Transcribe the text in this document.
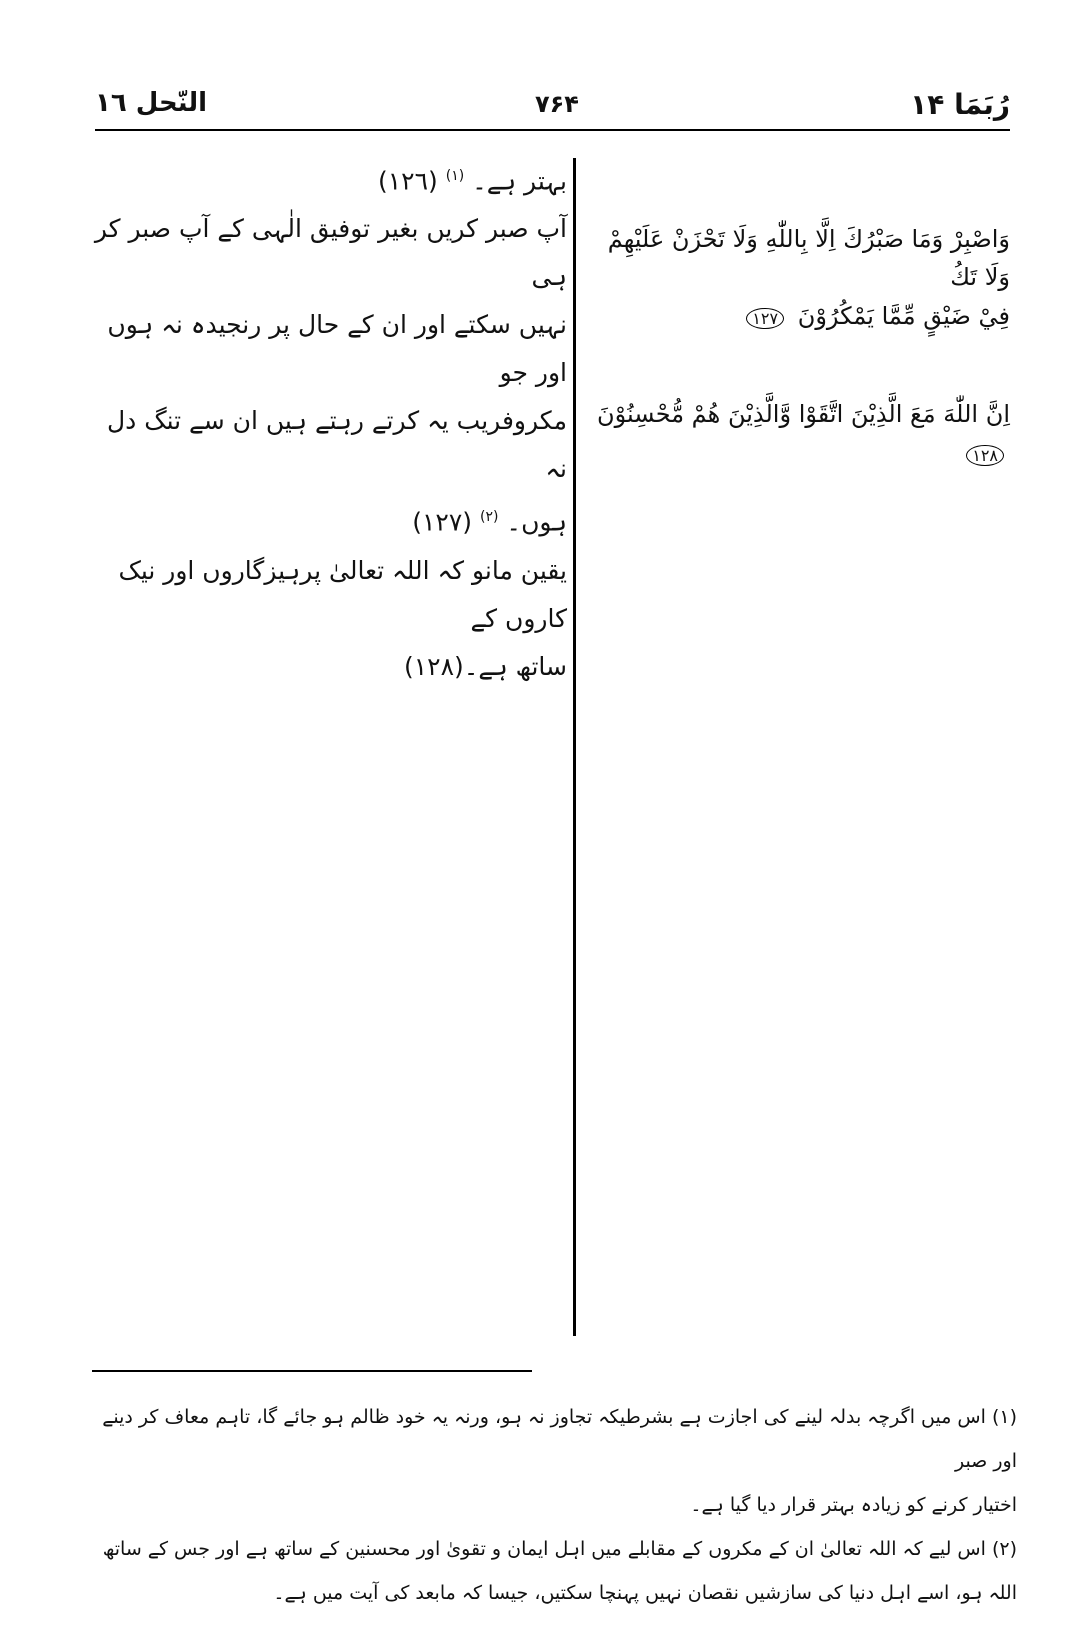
رُبَمَا ١۴
۷۶۴
النّحل ١٦
وَاصْبِرْ وَمَا صَبْرُكَ اِلَّا بِاللّٰهِ وَلَا تَحْزَنْ عَلَيْهِمْ وَلَا تَكُ
فِيْ ضَيْقٍ مِّمَّا يَمْكُرُوْنَ ١٢٧
اِنَّ اللّٰهَ مَعَ الَّذِيْنَ اتَّقَوْا وَّالَّذِيْنَ هُمْ مُّحْسِنُوْنَ ١٢٨

بہتر ہے۔ $^{(١)}$ (١٢٦)

آپ صبر کریں بغیر توفیق الٰہی کے آپ صبر کر ہی

نہیں سکتے اور ان کے حال پر رنجیدہ نہ ہوں اور جو

مکروفریب یہ کرتے رہتے ہیں ان سے تنگ دل نہ

ہوں۔ $^{(٢)}$ (١٢٧)

یقین مانو کہ اللہ تعالیٰ پرہیزگاروں اور نیک کاروں کے

ساتھ ہے۔(١٢٨)

(١) اس میں اگرچہ بدلہ لینے کی اجازت ہے بشرطیکہ تجاوز نہ ہو، ورنہ یہ خود ظالم ہو جائے گا، تاہم معاف کر دینے اور صبر

اختیار کرنے کو زیادہ بہتر قرار دیا گیا ہے۔

(٢) اس لیے کہ اللہ تعالیٰ ان کے مکروں کے مقابلے میں اہل ایمان و تقویٰ اور محسنین کے ساتھ ہے اور جس کے ساتھ

اللہ ہو، اسے اہل دنیا کی سازشیں نقصان نہیں پہنچا سکتیں، جیسا کہ مابعد کی آیت میں ہے۔
